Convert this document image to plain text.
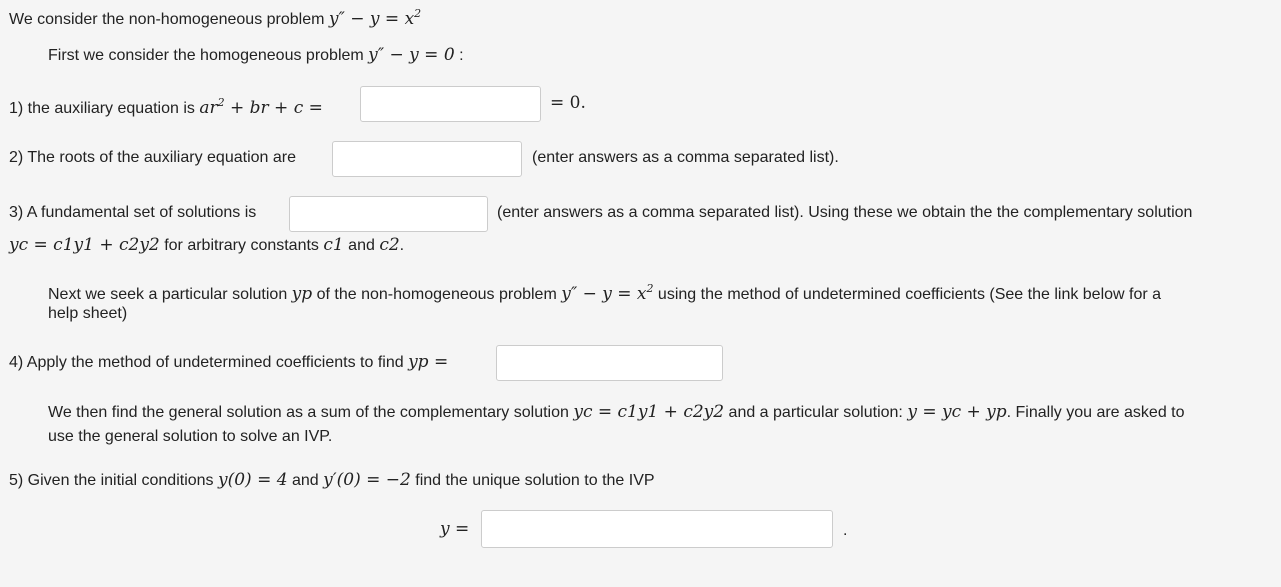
We consider the non-homogeneous problem $y'' - y = x^2$
First we consider the homogeneous problem y″ − y = 0 :
1) the auxiliary equation is $ar^2$ + br + c =	= 0.
2) The roots of the auxiliary equation are	(enter answers as a comma separated list).
3) A fundamental set of solutions is	(enter answers as a comma separated list). Using these we obtain the the complementary solution
yc = c1y1 + c2y2 for arbitrary constants c1 and c2.
Next we seek a particular solution yp of the non-homogeneous problem $y'' - y = x^2$ using the method of undetermined coefficients (See the link below for a
help sheet)
4) Apply the method of undetermined coefficients to find yp =
We then find the general solution as a sum of the complementary solution yc = c1y1 + c2y2 and a particular solution: y = yc + yp. Finally you are asked to
use the general solution to solve an IVP.
5) Given the initial conditions y(0) = 4 and y′(0) = −2 find the unique solution to the IVP
y =	.
